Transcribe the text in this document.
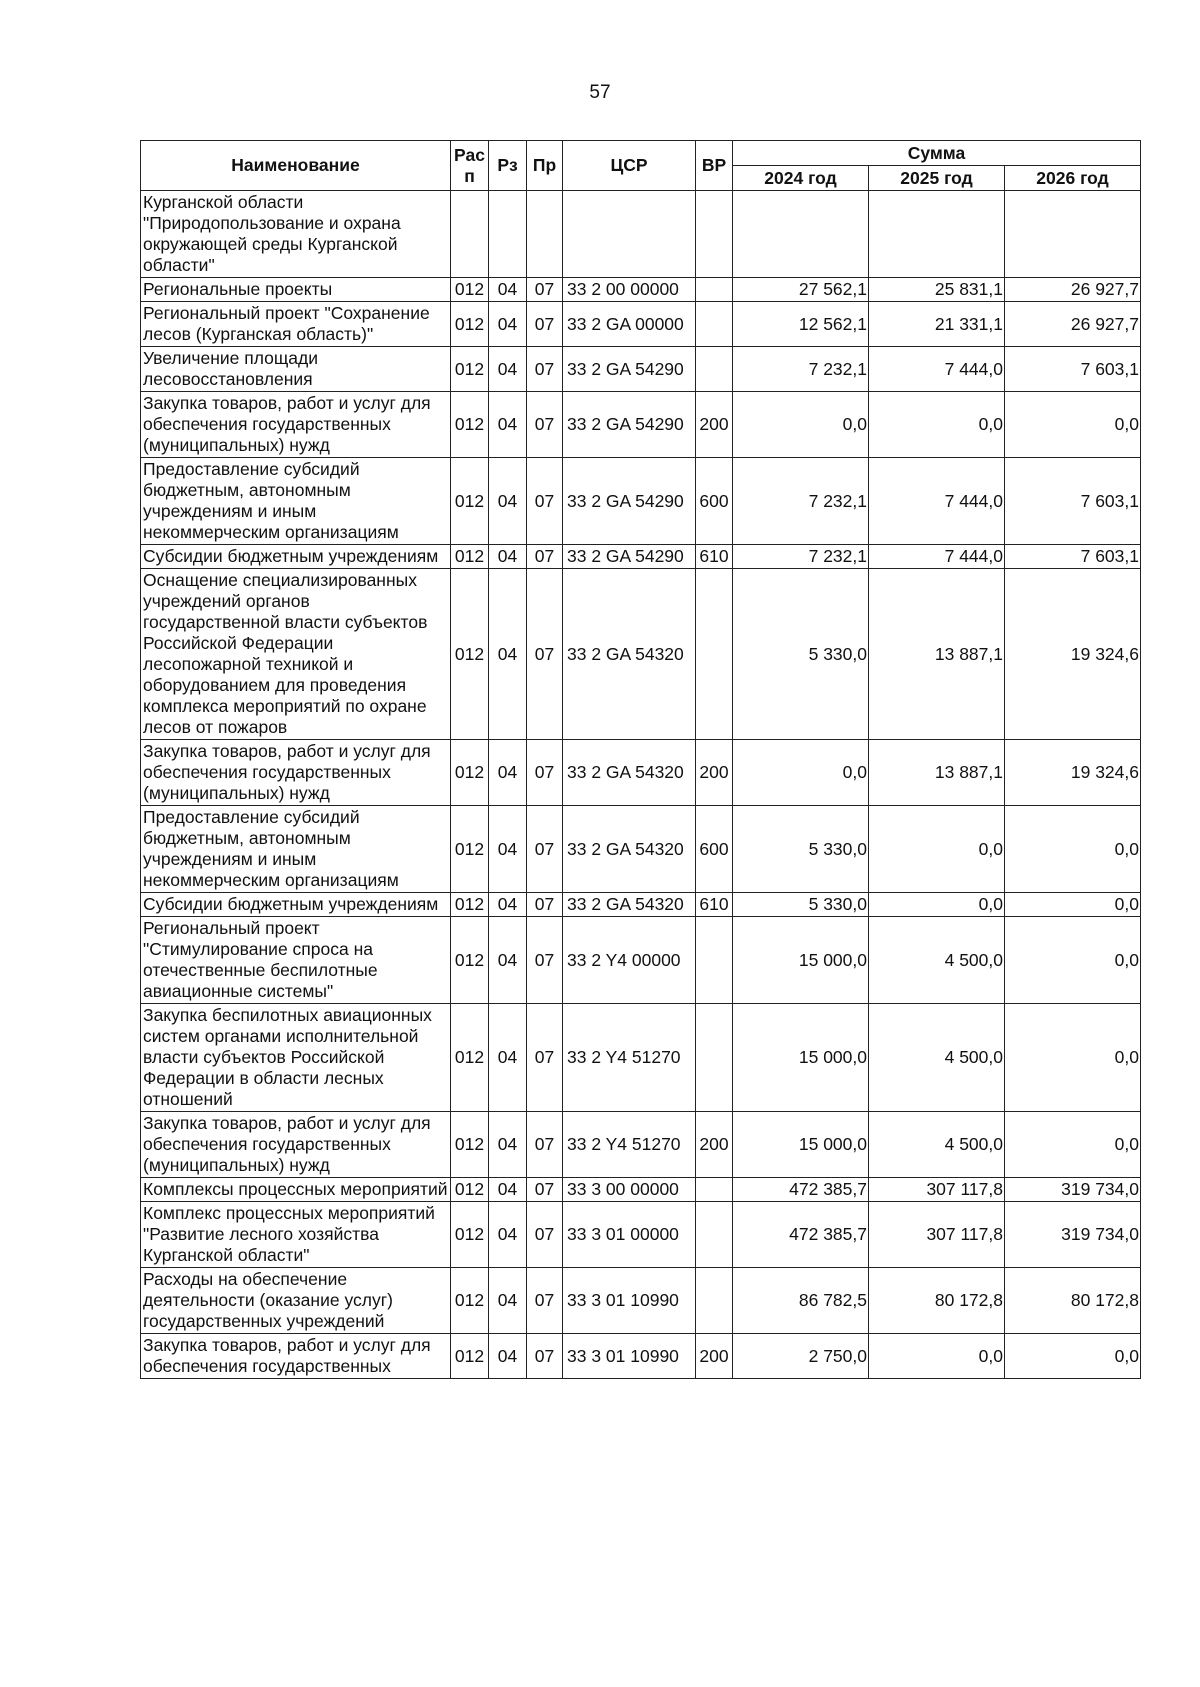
57
Наименование	Рас п	Рз	Пр	ЦСР	ВР	Сумма		
						2024 год	2025 год	2026 год
Курганской области "Природопользование и охрана окружающей среды Курганской области"								
Региональные проекты	012	04	07	33 2 00 00000		27 562,1	25 831,1	26 927,7
Региональный проект "Сохранение лесов (Курганская область)"	012	04	07	33 2 GA 00000		12 562,1	21 331,1	26 927,7
Увеличение площади лесовосстановления	012	04	07	33 2 GA 54290		7 232,1	7 444,0	7 603,1
Закупка товаров, работ и услуг для обеспечения государственных (муниципальных) нужд	012	04	07	33 2 GA 54290	200	0,0	0,0	0,0
Предоставление субсидий бюджетным, автономным учреждениям и иным некоммерческим организациям	012	04	07	33 2 GA 54290	600	7 232,1	7 444,0	7 603,1
Субсидии бюджетным учреждениям	012	04	07	33 2 GA 54290	610	7 232,1	7 444,0	7 603,1
Оснащение специализированных учреждений органов государственной власти субъектов Российской Федерации лесопожарной техникой и оборудованием для проведения комплекса мероприятий по охране лесов от пожаров	012	04	07	33 2 GA 54320		5 330,0	13 887,1	19 324,6
Закупка товаров, работ и услуг для обеспечения государственных (муниципальных) нужд	012	04	07	33 2 GA 54320	200	0,0	13 887,1	19 324,6
Предоставление субсидий бюджетным, автономным учреждениям и иным некоммерческим организациям	012	04	07	33 2 GA 54320	600	5 330,0	0,0	0,0
Субсидии бюджетным учреждениям	012	04	07	33 2 GA 54320	610	5 330,0	0,0	0,0
Региональный проект "Стимулирование спроса на отечественные беспилотные авиационные системы"	012	04	07	33 2 Y4 00000		15 000,0	4 500,0	0,0
Закупка беспилотных авиационных систем органами исполнительной власти субъектов Российской Федерации в области лесных отношений	012	04	07	33 2 Y4 51270		15 000,0	4 500,0	0,0
Закупка товаров, работ и услуг для обеспечения государственных (муниципальных) нужд	012	04	07	33 2 Y4 51270	200	15 000,0	4 500,0	0,0
Комплексы процессных мероприятий	012	04	07	33 3 00 00000		472 385,7	307 117,8	319 734,0
Комплекс процессных мероприятий "Развитие лесного хозяйства Курганской области"	012	04	07	33 3 01 00000		472 385,7	307 117,8	319 734,0
Расходы на обеспечение деятельности (оказание услуг) государственных учреждений	012	04	07	33 3 01 10990		86 782,5	80 172,8	80 172,8
Закупка товаров, работ и услуг для обеспечения государственных	012	04	07	33 3 01 10990	200	2 750,0	0,0	0,0
